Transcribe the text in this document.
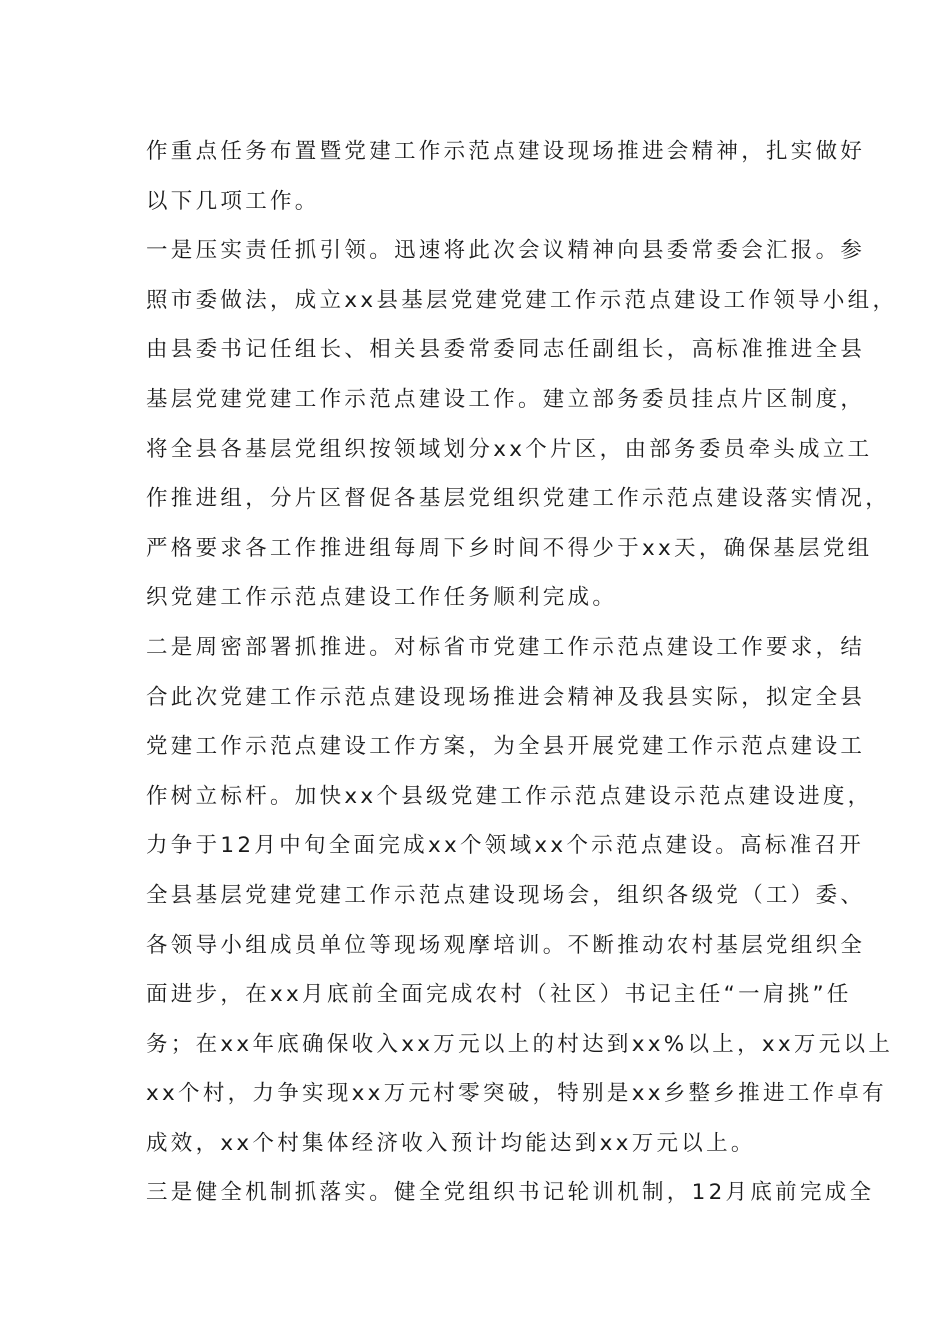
作重点任务布置暨党建工作示范点建设现场推进会精神，扎实做好
以下几项工作。
一是压实责任抓引领。迅速将此次会议精神向县委常委会汇报。参
照市委做法，成立xx县基层党建党建工作示范点建设工作领导小组，
由县委书记任组长、相关县委常委同志任副组长，高标准推进全县
基层党建党建工作示范点建设工作。建立部务委员挂点片区制度，
将全县各基层党组织按领域划分xx个片区，由部务委员牵头成立工
作推进组，分片区督促各基层党组织党建工作示范点建设落实情况，
严格要求各工作推进组每周下乡时间不得少于xx天，确保基层党组
织党建工作示范点建设工作任务顺利完成。
二是周密部署抓推进。对标省市党建工作示范点建设工作要求，结
合此次党建工作示范点建设现场推进会精神及我县实际，拟定全县
党建工作示范点建设工作方案，为全县开展党建工作示范点建设工
作树立标杆。加快xx个县级党建工作示范点建设示范点建设进度，
力争于12月中旬全面完成xx个领域xx个示范点建设。高标准召开
全县基层党建党建工作示范点建设现场会，组织各级党（工）委、
各领导小组成员单位等现场观摩培训。不断推动农村基层党组织全
面进步，在xx月底前全面完成农村（社区）书记主任“一肩挑”任
务；在xx年底确保收入xx万元以上的村达到xx%以上，xx万元以上
xx个村，力争实现xx万元村零突破，特别是xx乡整乡推进工作卓有
成效，xx个村集体经济收入预计均能达到xx万元以上。
三是健全机制抓落实。健全党组织书记轮训机制，12月底前完成全
